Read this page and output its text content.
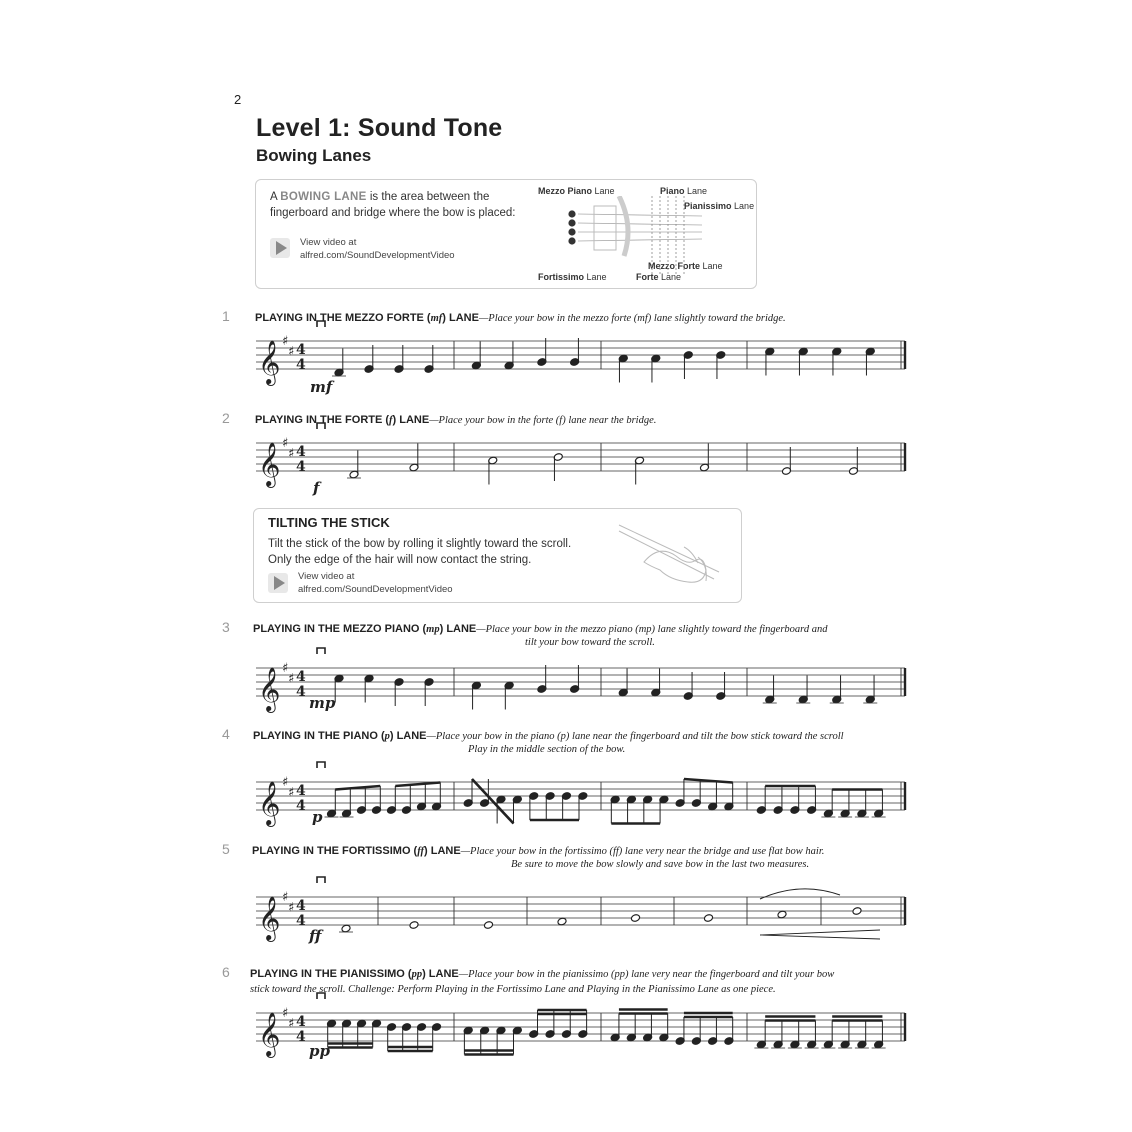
2
Level 1: Sound Tone
Bowing Lanes
A BOWING LANE is the area between the
fingerboard and bridge where the bow is placed:
View video at
alfred.com/SoundDevelopmentVideo
Mezzo Piano Lane	Piano Lane
Pianissimo Lane
Mezzo Forte Lane
Fortissimo Lane	Forte Lane
1 PLAYING IN THE MEZZO FORTE (mf) LANE—Place your bow in the mezzo forte (mf) lane slightly toward the bridge.
2 PLAYING IN THE FORTE (f) LANE—Place your bow in the forte (f) lane near the bridge.
TILTING THE STICK
Tilt the stick of the bow by rolling it slightly toward the scroll.
Only the edge of the hair will now contact the string.
View video at
alfred.com/SoundDevelopmentVideo
3 PLAYING IN THE MEZZO PIANO (mp) LANE—Place your bow in the mezzo piano (mp) lane slightly toward the fingerboard and
tilt your bow toward the scroll.
4 PLAYING IN THE PIANO (p) LANE—Place your bow in the piano (p) lane near the fingerboard and tilt the bow stick toward the scroll
Play in the middle section of the bow.
5 PLAYING IN THE FORTISSIMO (ff) LANE—Place your bow in the fortissimo (ff) lane very near the bridge and use flat bow hair.
Be sure to move the bow slowly and save bow in the last two measures.
6 PLAYING IN THE PIANISSIMO (pp) LANE—Place your bow in the pianissimo (pp) lane very near the fingerboard and tilt your bow
stick toward the scroll. Challenge: Perform Playing in the Fortissimo Lane and Playing in the Pianissimo Lane as one piece.
𝄞 ♯
♯ 4
4
𝄞 ♯
♯ 4
4
𝄞 ♯
♯ 4
4
𝄞 ♯
♯ 4
4
𝄞 ♯
♯ 4
4
𝄞 ♯
♯ 4
4
mf
f
mp
p
ff
pp
